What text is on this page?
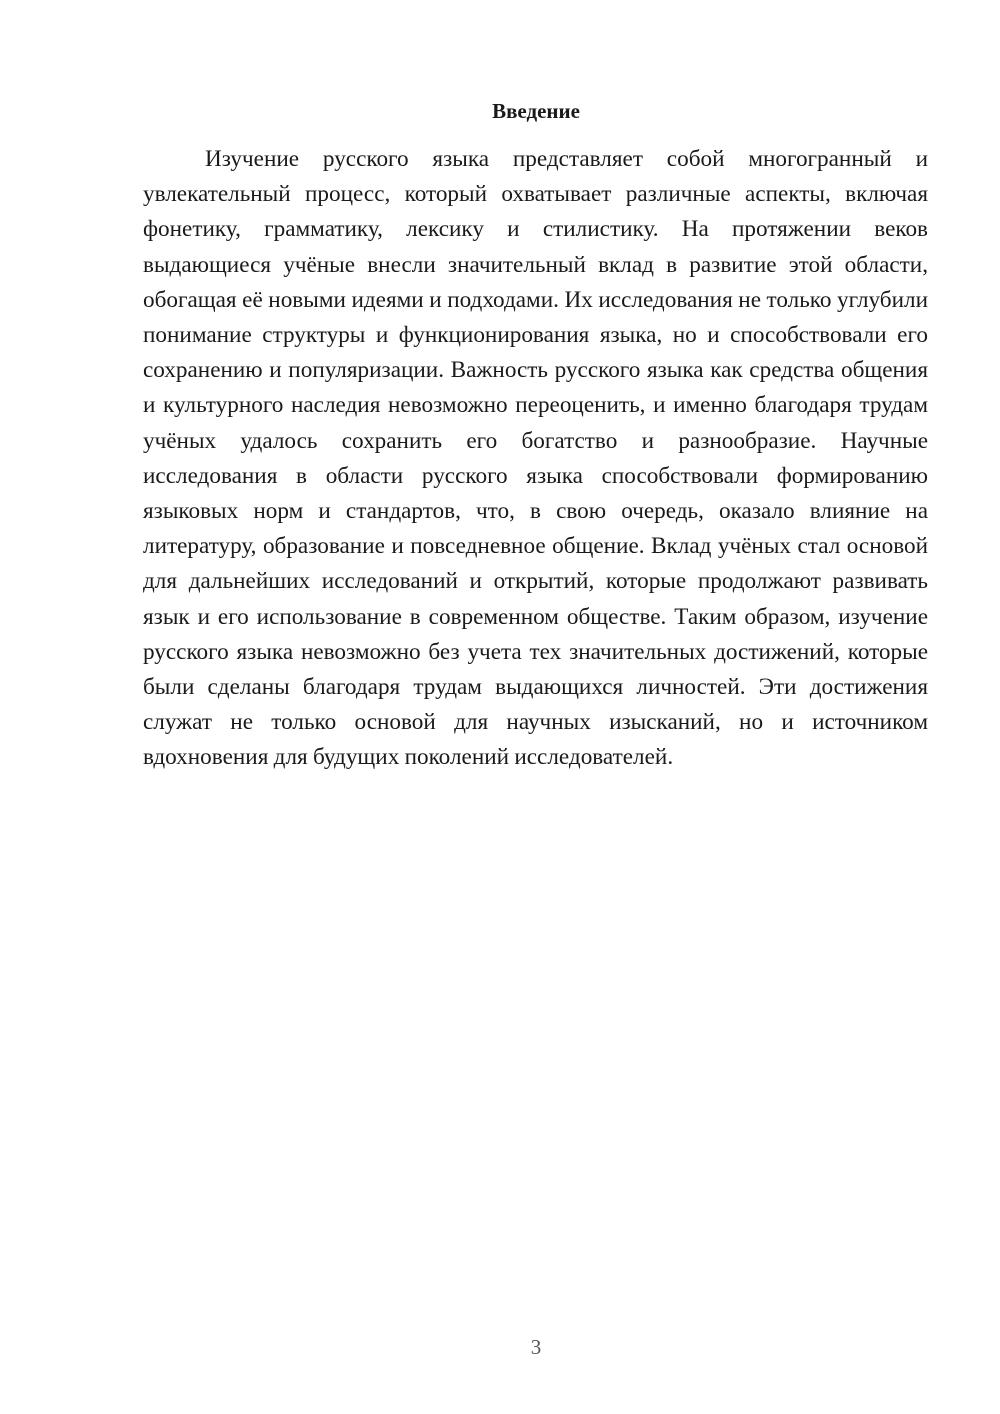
Введение

Изучение русского языка представляет собой многогранный и увлекательный процесс, который охватывает различные аспекты, включая фонетику, грамматику, лексику и стилистику. На протяжении веков выдающиеся учёные внесли значительный вклад в развитие этой области, обогащая её новыми идеями и подходами. Их исследования не только углубили понимание структуры и функционирования языка, но и способствовали его сохранению и популяризации. Важность русского языка как средства общения и культурного наследия невозможно переоценить, и именно благодаря трудам учёных удалось сохранить его богатство и разнообразие. Научные исследования в области русского языка способствовали формированию языковых норм и стандартов, что, в свою очередь, оказало влияние на литературу, образование и повседневное общение. Вклад учёных стал основой для дальнейших исследований и открытий, которые продолжают развивать язык и его использование в современном обществе. Таким образом, изучение русского языка невозможно без учета тех значительных достижений, которые были сделаны благодаря трудам выдающихся личностей. Эти достижения служат не только основой для научных изысканий, но и источником вдохновения для будущих поколений исследователей.

3
